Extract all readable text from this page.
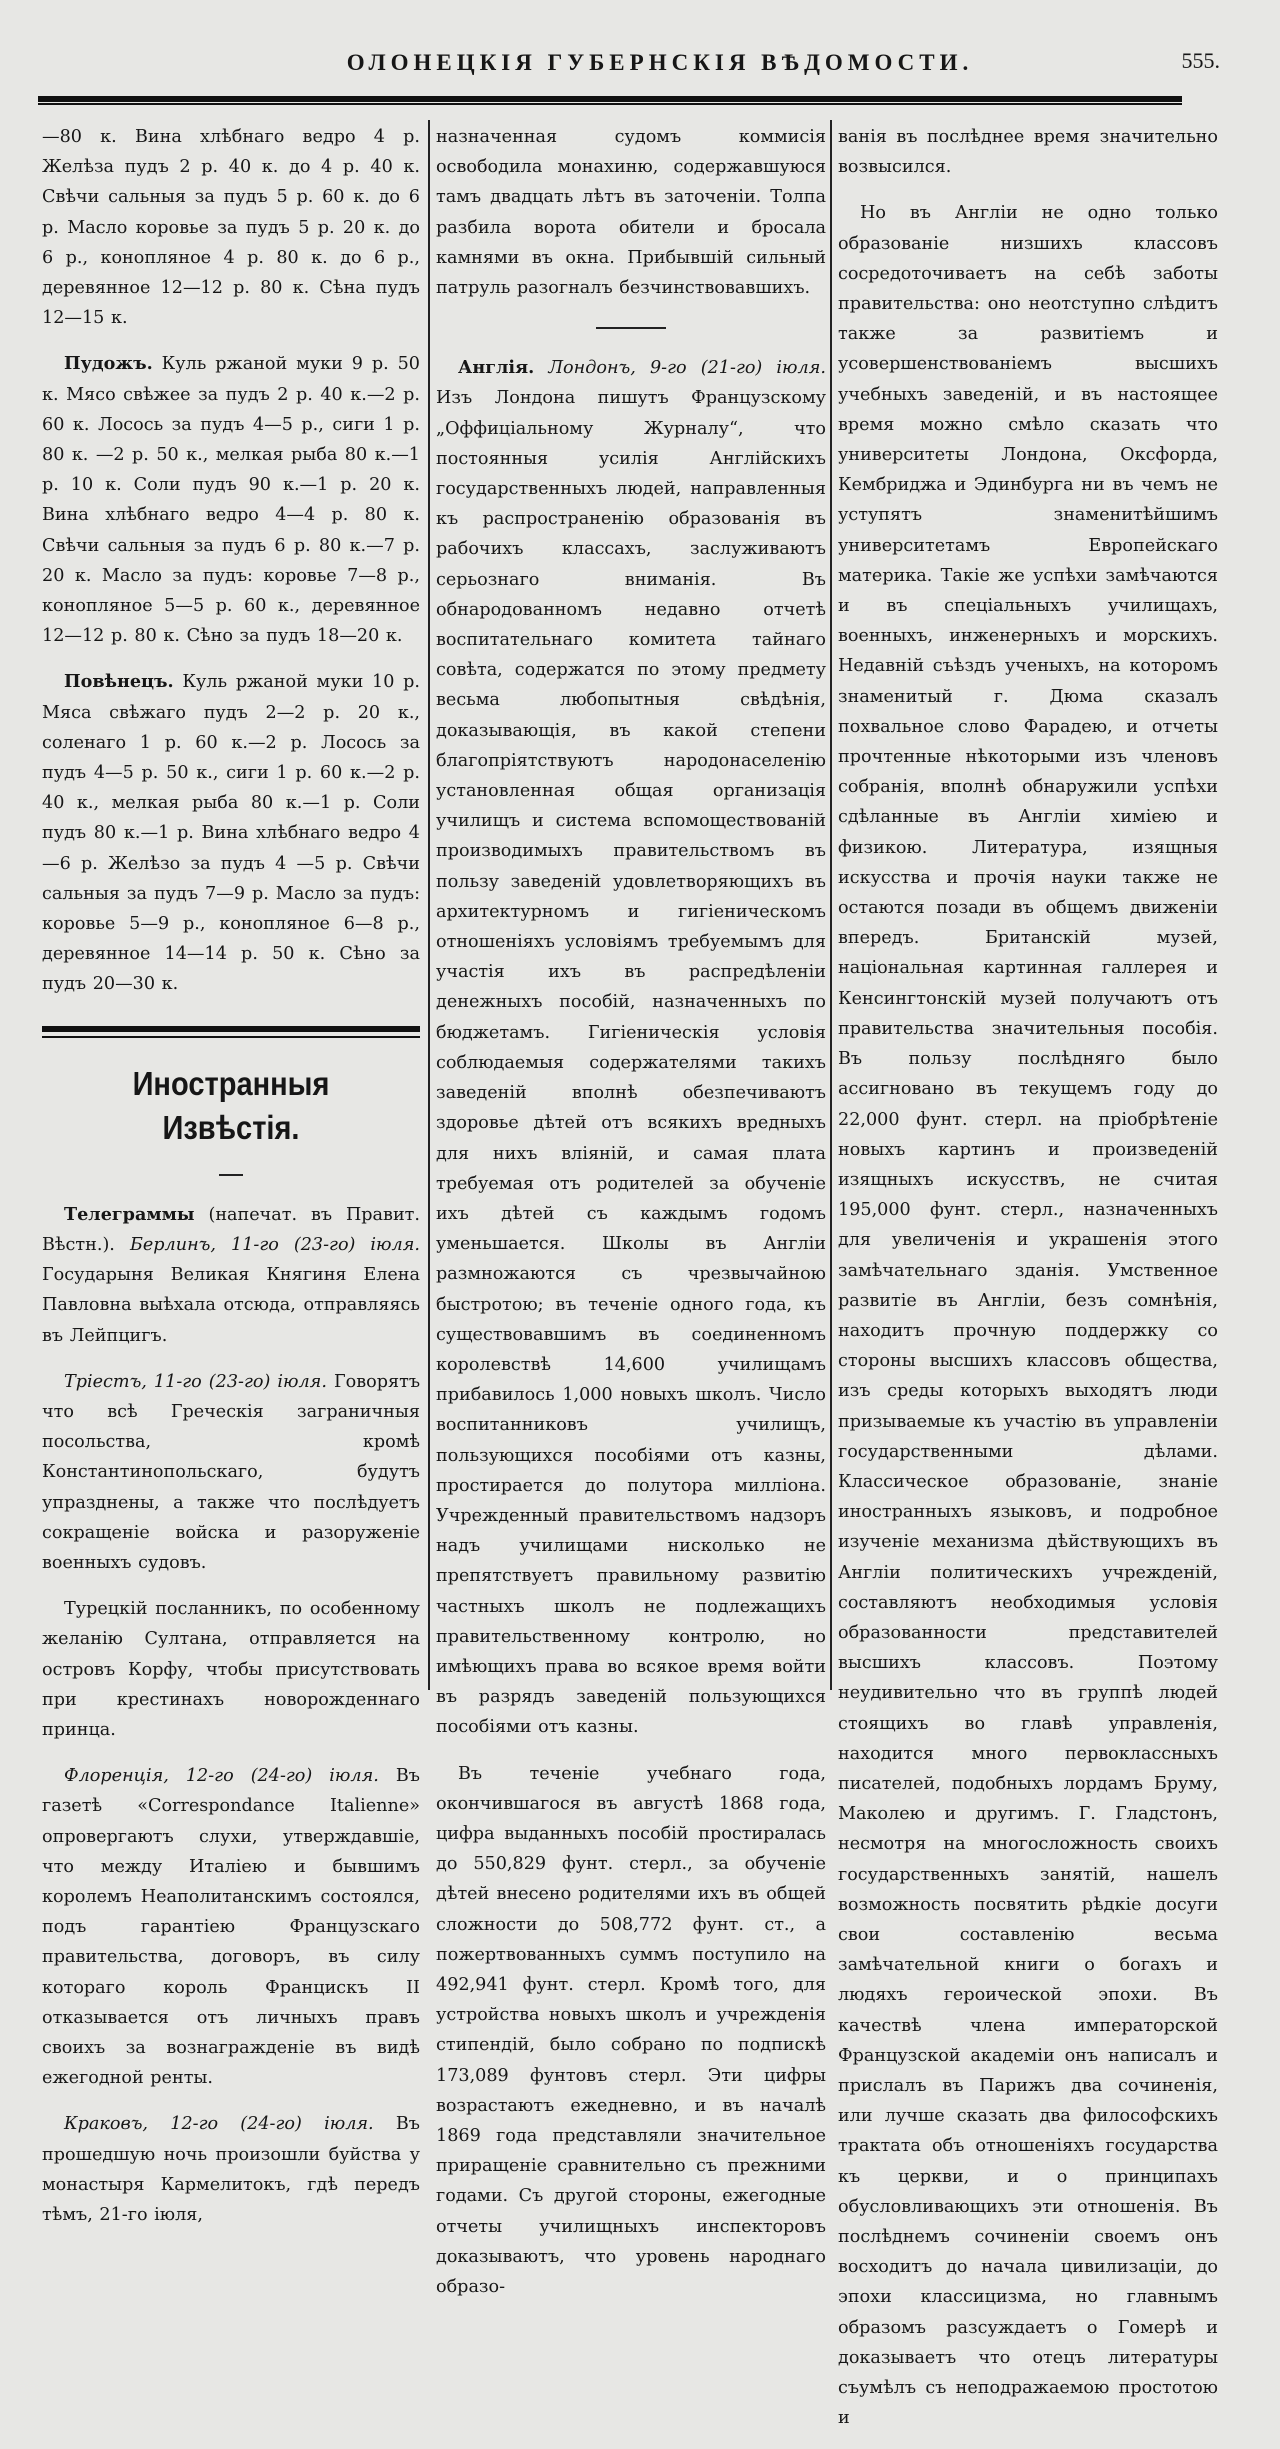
ОЛОНЕЦКІЯ ГУБЕРНСКІЯ ВѢДОМОСТИ.	555.

—80 к. Вина хлѣбнаго ведро 4 р. Желѣза пудъ 2 р. 40 к. до 4 р. 40 к. Свѣчи сальныя за пудъ 5 р. 60 к. до 6 р. Масло коровье за пудъ 5 р. 20 к. до 6 р., конопляное 4 р. 80 к. до 6 р., деревянное 12—12 р. 80 к. Сѣна пудъ 12—15 к.

Пудожъ. Куль ржаной муки 9 р. 50 к. Мясо свѣжее за пудъ 2 р. 40 к.—2 р. 60 к. Лосось за пудъ 4—5 р., сиги 1 р. 80 к. —2 р. 50 к., мелкая рыба 80 к.—1 р. 10 к. Соли пудъ 90 к.—1 р. 20 к. Вина хлѣбнаго ведро 4—4 р. 80 к. Свѣчи сальныя за пудъ 6 р. 80 к.—7 р. 20 к. Масло за пудъ: коровье 7—8 р., конопляное 5—5 р. 60 к., деревянное 12—12 р. 80 к. Сѣно за пудъ 18—20 к.

Повѣнецъ. Куль ржаной муки 10 р. Мяса свѣжаго пудъ 2—2 р. 20 к., соленаго 1 р. 60 к.—2 р. Лосось за пудъ 4—5 р. 50 к., сиги 1 р. 60 к.—2 р. 40 к., мелкая рыба 80 к.—1 р. Соли пудъ 80 к.—1 р. Вина хлѣбнаго ведро 4—6 р. Желѣзо за пудъ 4 —5 р. Свѣчи сальныя за пудъ 7—9 р. Масло за пудъ: коровье 5—9 р., конопляное 6—8 р., деревянное 14—14 р. 50 к. Сѣно за пудъ 20—30 к.

Иностранныя Извѣстія.

Телеграммы (напечат. въ Правит. Вѣстн.). Берлинъ, 11-го (23-го) іюля. Государыня Великая Княгиня Елена Павловна выѣхала отсюда, отправляясь въ Лейпцигъ.

Тріестъ, 11-го (23-го) іюля. Говорятъ что всѣ Греческія заграничныя посольства, кромѣ Константинопольскаго, будутъ упразднены, а также что послѣдуетъ сокращеніе войска и разоруженіе военныхъ судовъ.

Турецкій посланникъ, по особенному желанію Султана, отправляется на островъ Корфу, чтобы присутствовать при крестинахъ новорожденнаго принца.

Флоренція, 12-го (24-го) іюля. Въ газетѣ «Correspondance Italienne» опровергаютъ слухи, утверждавшіе, что между Италіею и бывшимъ королемъ Неаполитанскимъ состоялся, подъ гарантіею Французскаго правительства, договоръ, въ силу котораго король Францискъ II отказывается отъ личныхъ правъ своихъ за вознагражденіе въ видѣ ежегодной ренты.

Краковъ, 12-го (24-го) іюля. Въ прошедшую ночь произошли буйства у монастыря Кармелитокъ, гдѣ передъ тѣмъ, 21-го іюля,

назначенная судомъ коммисія освободила монахиню, содержавшуюся тамъ двадцать лѣтъ въ заточеніи. Толпа разбила ворота обители и бросала камнями въ окна. Прибывшій сильный патруль разогналъ безчинствовавшихъ.

Англія. Лондонъ, 9-го (21-го) іюля. Изъ Лондона пишутъ Французскому „Оффиціальному Журналу“, что постоянныя усилія Англійскихъ государственныхъ людей, направленныя къ распространенію образованія въ рабочихъ классахъ, заслуживаютъ серьознаго вниманія. Въ обнародованномъ недавно отчетѣ воспитательнаго комитета тайнаго совѣта, содержатся по этому предмету весьма любопытныя свѣдѣнія, доказывающія, въ какой степени благопріятствуютъ народонаселенію установленная общая организація училищъ и система вспомоществованій производимыхъ правительствомъ въ пользу заведеній удовлетворяющихъ въ архитектурномъ и гигіеническомъ отношеніяхъ условіямъ требуемымъ для участія ихъ въ распредѣленіи денежныхъ пособій, назначенныхъ по бюджетамъ. Гигіеническія условія соблюдаемыя содержателями такихъ заведеній вполнѣ обезпечиваютъ здоровье дѣтей отъ всякихъ вредныхъ для нихъ вліяній, и самая плата требуемая отъ родителей за обученіе ихъ дѣтей съ каждымъ годомъ уменьшается. Школы въ Англіи размножаются съ чрезвычайною быстротою; въ теченіе одного года, къ существовавшимъ въ соединенномъ королевствѣ 14,600 училищамъ прибавилось 1,000 новыхъ школъ. Число воспитанниковъ училищъ, пользующихся пособіями отъ казны, простирается до полутора милліона. Учрежденный правительствомъ надзоръ надъ училищами нисколько не препятствуетъ правильному развитію частныхъ школъ не подлежащихъ правительственному контролю, но имѣющихъ права во всякое время войти въ разрядъ заведеній пользующихся пособіями отъ казны.

Въ теченіе учебнаго года, окончившагося въ августѣ 1868 года, цифра выданныхъ пособій простиралась до 550,829 фунт. стерл., за обученіе дѣтей внесено родителями ихъ въ общей сложности до 508,772 фунт. ст., а пожертвованныхъ суммъ поступило на 492,941 фунт. стерл. Кромѣ того, для устройства новыхъ школъ и учрежденія стипендій, было собрано по подпискѣ 173,089 фунтовъ стерл. Эти цифры возрастаютъ ежедневно, и въ началѣ 1869 года представляли значительное приращеніе сравнительно съ прежними годами. Съ другой стороны, ежегодные отчеты училищныхъ инспекторовъ доказываютъ, что уровень народнаго образо-

ванія въ послѣднее время значительно возвысился.

Но въ Англіи не одно только образованіе низшихъ классовъ сосредоточиваетъ на себѣ заботы правительства: оно неотступно слѣдитъ также за развитіемъ и усовершенствованіемъ высшихъ учебныхъ заведеній, и въ настоящее время можно смѣло сказать что университеты Лондона, Оксфорда, Кембриджа и Эдинбурга ни въ чемъ не уступятъ знаменитѣйшимъ университетамъ Европейскаго материка. Такіе же успѣхи замѣчаются и въ спеціальныхъ училищахъ, военныхъ, инженерныхъ и морскихъ. Недавній съѣздъ ученыхъ, на которомъ знаменитый г. Дюма сказалъ похвальное слово Фарадею, и отчеты прочтенные нѣкоторыми изъ членовъ собранія, вполнѣ обнаружили успѣхи сдѣланные въ Англіи химіею и физикою. Литература, изящныя искусства и прочія науки также не остаются позади въ общемъ движеніи впередъ. Британскій музей, національная картинная галлерея и Кенсингтонскій музей получаютъ отъ правительства значительныя пособія. Въ пользу послѣдняго было ассигновано въ текущемъ году до 22,000 фунт. стерл. на пріобрѣтеніе новыхъ картинъ и произведеній изящныхъ искусствъ, не считая 195,000 фунт. стерл., назначенныхъ для увеличенія и украшенія этого замѣчательнаго зданія. Умственное развитіе въ Англіи, безъ сомнѣнія, находитъ прочную поддержку со стороны высшихъ классовъ общества, изъ среды которыхъ выходятъ люди призываемые къ участію въ управленіи государственными дѣлами. Классическое образованіе, знаніе иностранныхъ языковъ, и подробное изученіе механизма дѣйствующихъ въ Англіи политическихъ учрежденій, составляютъ необходимыя условія образованности представителей высшихъ классовъ. Поэтому неудивительно что въ группѣ людей стоящихъ во главѣ управленія, находится много первоклассныхъ писателей, подобныхъ лордамъ Бруму, Маколею и другимъ. Г. Гладстонъ, несмотря на многосложность своихъ государственныхъ занятій, нашелъ возможность посвятить рѣдкіе досуги свои составленію весьма замѣчательной книги о богахъ и людяхъ героической эпохи. Въ качествѣ члена императорской Французской академіи онъ написалъ и прислалъ въ Парижъ два сочиненія, или лучше сказать два философскихъ трактата объ отношеніяхъ государства къ церкви, и о принципахъ обусловливающихъ эти отношенія. Въ послѣднемъ сочиненіи своемъ онъ восходитъ до начала цивилизаціи, до эпохи классицизма, но главнымъ образомъ разсуждаетъ о Гомерѣ и доказываетъ что отецъ литературы съумѣлъ съ неподражаемою простотою и
